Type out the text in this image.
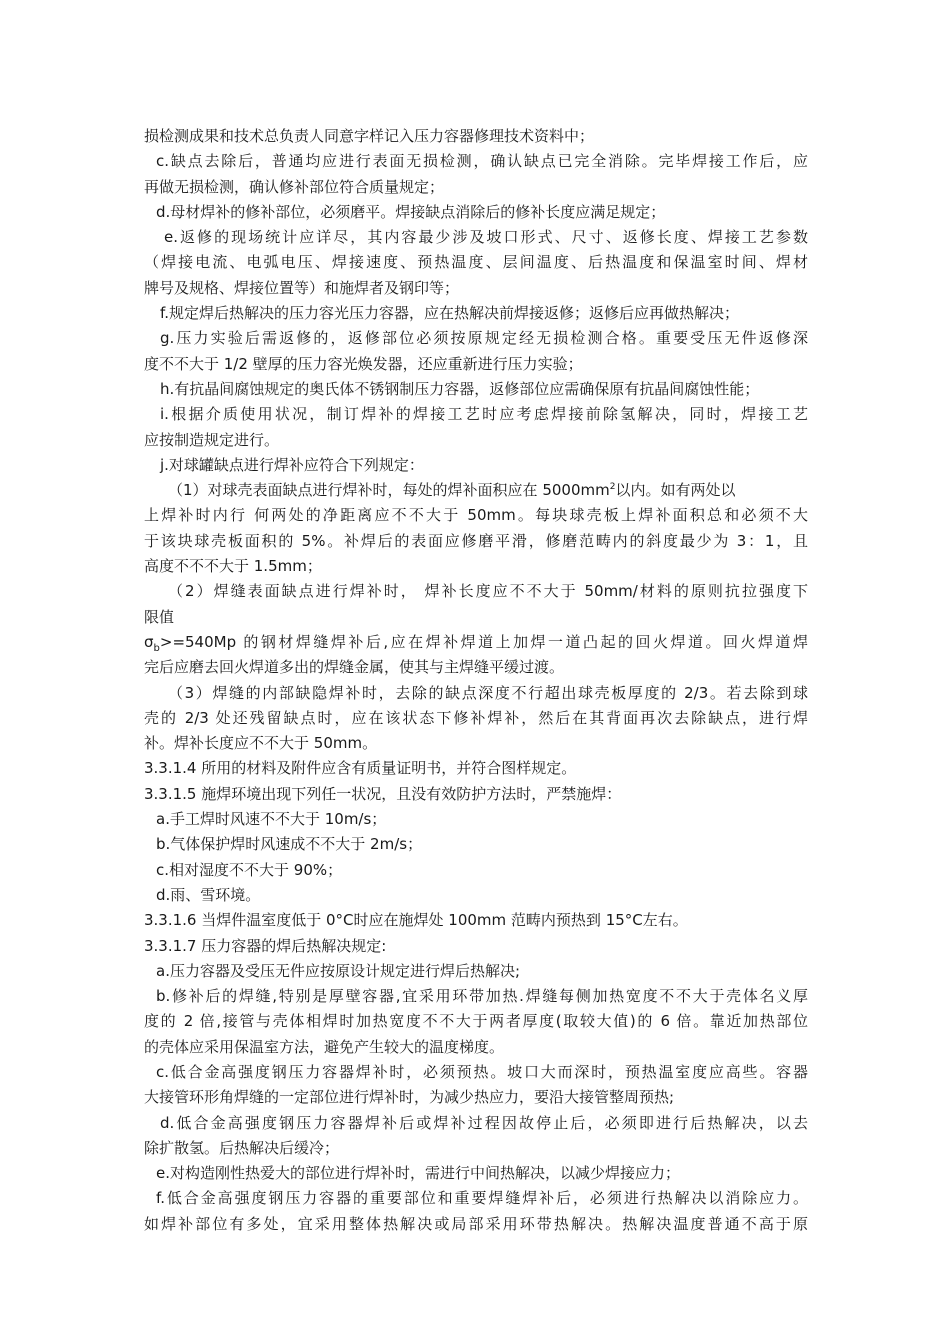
损检测成果和技术总负责人同意字样记入压力容器修理技术资料中；
c.缺点去除后，普通均应进行表面无损检测，确认缺点已完全消除。完毕焊接工作后，应
再做无损检测，确认修补部位符合质量规定；
d.母材焊补的修补部位，必须磨平。焊接缺点消除后的修补长度应满足规定；
e.返修的现场统计应详尽，其内容最少涉及坡口形式、尺寸、返修长度、焊接工艺参数
（焊接电流、电弧电压、焊接速度、预热温度、层间温度、后热温度和保温室时间、焊材
牌号及规格、焊接位置等）和施焊者及钢印等；
f.规定焊后热解决的压力容光压力容器，应在热解决前焊接返修；返修后应再做热解决；
g.压力实验后需返修的，返修部位必须按原规定经无损检测合格。重要受压无件返修深
度不不大于 1/2 壁厚的压力容光焕发器，还应重新进行压力实验；
h.有抗晶间腐蚀规定的奥氏体不锈钢制压力容器，返修部位应需确保原有抗晶间腐蚀性能；
i.根据介质使用状况，制订焊补的焊接工艺时应考虑焊接前除氢解决，同时，焊接工艺
应按制造规定进行。
j.对球罐缺点进行焊补应符合下列规定：
（1）对球壳表面缺点进行焊补时，每处的焊补面积应在 $5000mm^2$以内。如有两处以
上焊补时内行 何两处的净距离应不不大于 50mm。每块球壳板上焊补面积总和必须不大
于该块球壳板面积的 5%。补焊后的表面应修磨平滑，修磨范畴内的斜度最少为 3：1，且
高度不不不大于 1.5mm；
（2）焊缝表面缺点进行焊补时， 焊补长度应不不大于 50mm/材料的原则抗拉强度下
限值
$\sigma_b>=540Mp$ 的钢材焊缝焊补后,应在焊补焊道上加焊一道凸起的回火焊道。回火焊道焊
完后应磨去回火焊道多出的焊缝金属，使其与主焊缝平缓过渡。
（3）焊缝的内部缺隐焊补时，去除的缺点深度不行超出球壳板厚度的 2/3。若去除到球
壳的 2/3 处还残留缺点时，应在该状态下修补焊补，然后在其背面再次去除缺点，进行焊
补。焊补长度应不不大于 50mm。
3.3.1.4 所用的材料及附件应含有质量证明书，并符合图样规定。
3.3.1.5 施焊环境出现下列任一状况，且没有效防护方法时，严禁施焊：
a.手工焊时风速不不大于 10m/s；
b.气体保护焊时风速成不不大于 2m/s；
c.相对湿度不不大于 90%；
d.雨、雪环境。
3.3.1.6 当焊件温室度低于 0°C时应在施焊处 100mm 范畴内预热到 15°C左右。
3.3.1.7 压力容器的焊后热解决规定:
a.压力容器及受压无件应按原设计规定进行焊后热解决;
b.修补后的焊缝,特别是厚壁容器,宜采用环带加热.焊缝每侧加热宽度不不大于壳体名义厚
度的 2 倍,接管与壳体相焊时加热宽度不不大于两者厚度(取较大值)的 6 倍。靠近加热部位
的壳体应采用保温室方法，避免产生较大的温度梯度。
c.低合金高强度钢压力容器焊补时，必须预热。坡口大而深时，预热温室度应高些。容器
大接管环形角焊缝的一定部位进行焊补时，为减少热应力，要沿大接管整周预热;
d.低合金高强度钢压力容器焊补后或焊补过程因故停止后，必须即进行后热解决，以去
除扩散氢。后热解决后缓冷；
e.对构造刚性热爱大的部位进行焊补时，需进行中间热解决，以减少焊接应力；
f.低合金高强度钢压力容器的重要部位和重要焊缝焊补后，必须进行热解决以消除应力。
如焊补部位有多处，宜采用整体热解决或局部采用环带热解决。热解决温度普通不高于原
